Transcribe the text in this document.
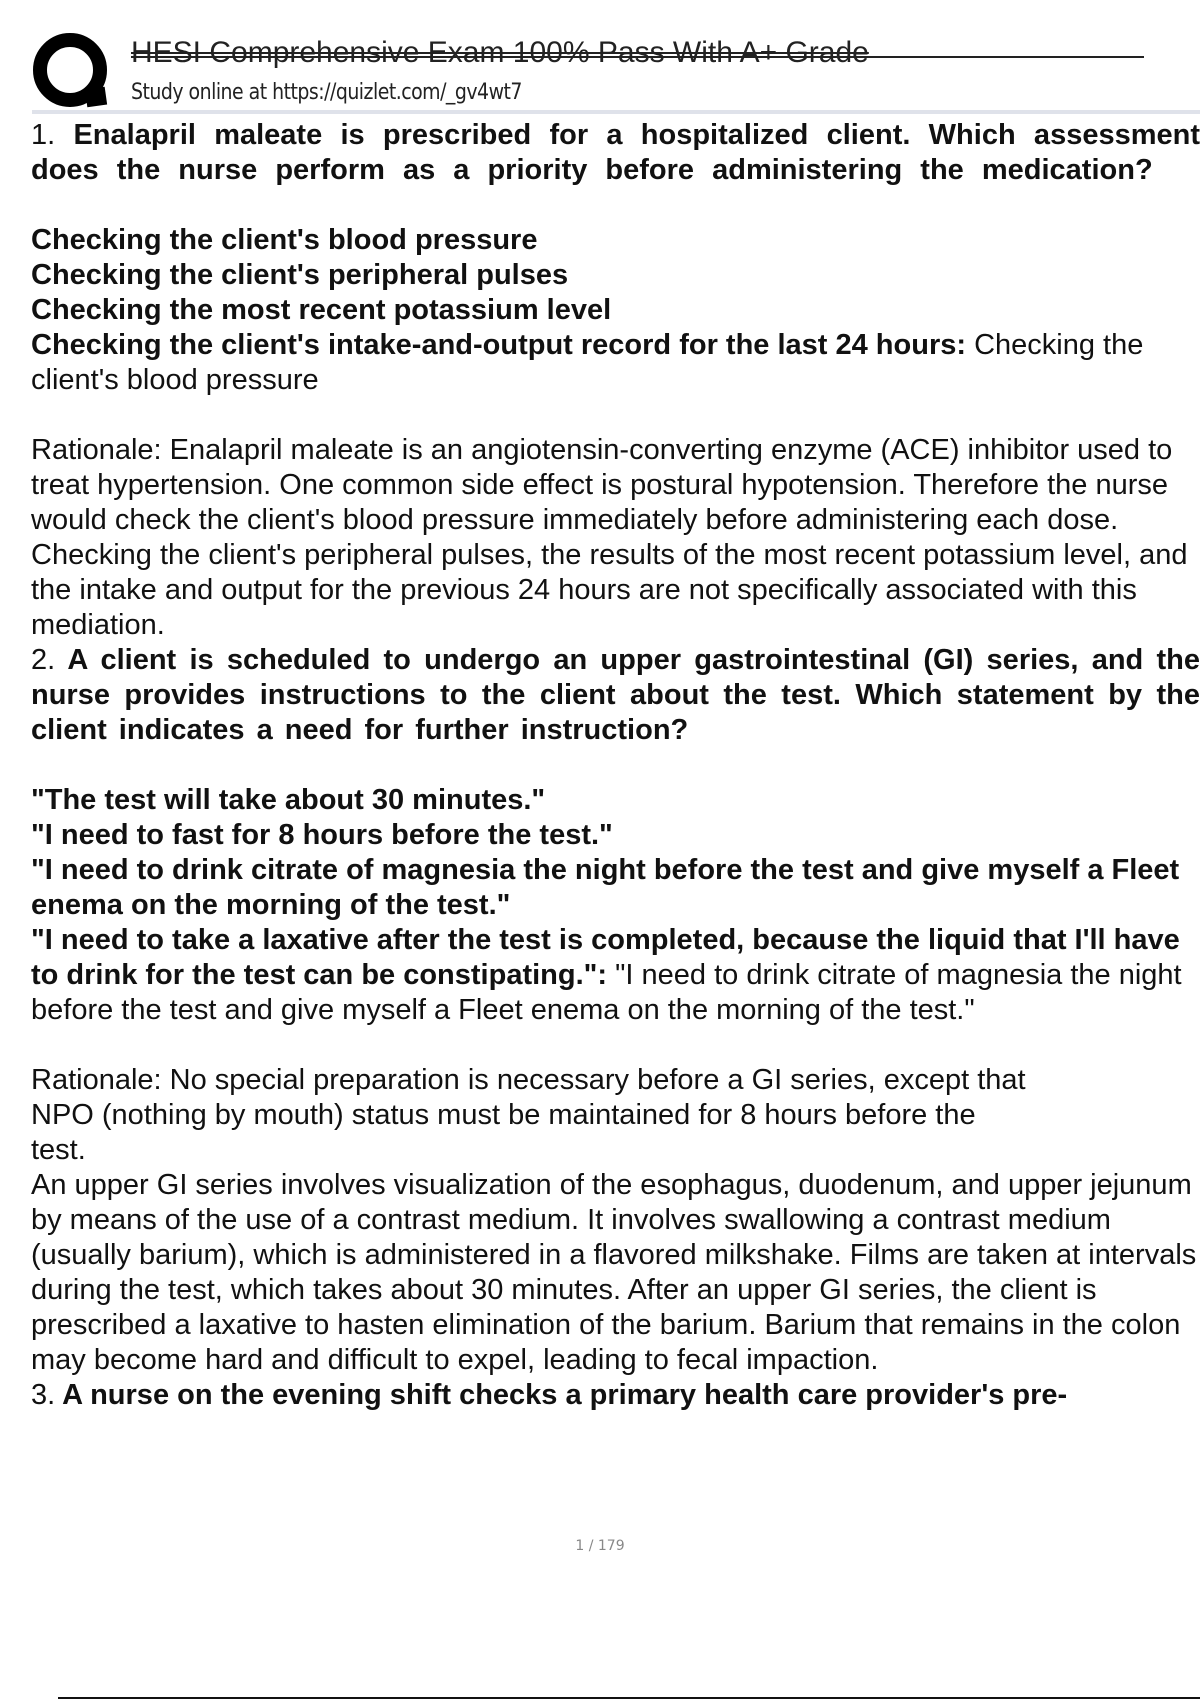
HESI Comprehensive Exam 100% Pass With A+ Grade
Study online at https://quizlet.com/_gv4wt7
1. Enalapril maleate is prescribed for a hospitalized client. Which assessment does the nurse perform as a priority before administering the medication?
Checking the client's blood pressure
Checking the client's peripheral pulses
Checking the most recent potassium level
Checking the client's intake-and-output record for the last 24 hours: Checking the client's blood pressure

Rationale: Enalapril maleate is an angiotensin-converting enzyme (ACE) inhibitor used to treat hypertension. One common side effect is postural hypotension. Therefore the nurse would check the client's blood pressure immediately before administering each dose. Checking the client's peripheral pulses, the results of the most recent potassium level, and the intake and output for the previous 24 hours are not specifically associated with this mediation.

2. A client is scheduled to undergo an upper gastrointestinal (GI) series, and the nurse provides instructions to the client about the test. Which statement by the client indicates a need for further instruction?
"The test will take about 30 minutes."
"I need to fast for 8 hours before the test."
"I need to drink citrate of magnesia the night before the test and give myself a Fleet enema on the morning of the test."
"I need to take a laxative after the test is completed, because the liquid that I'll have to drink for the test can be constipating.": "I need to drink citrate of magnesia the night before the test and give myself a Fleet enema on the morning of the test."

Rationale: No special preparation is necessary before a GI series, except that

NPO (nothing by mouth) status must be maintained for 8 hours before the

test.

An upper GI series involves visualization of the esophagus, duodenum, and upper jejunum by means of the use of a contrast medium. It involves swallowing a contrast medium (usually barium), which is administered in a flavored milkshake. Films are taken at intervals during the test, which takes about 30 minutes. After an upper GI series, the client is prescribed a laxative to hasten elimination of the barium. Barium that remains in the colon may become hard and difficult to expel, leading to fecal impaction.

3. A nurse on the evening shift checks a primary health care provider's pre-
1 / 179
